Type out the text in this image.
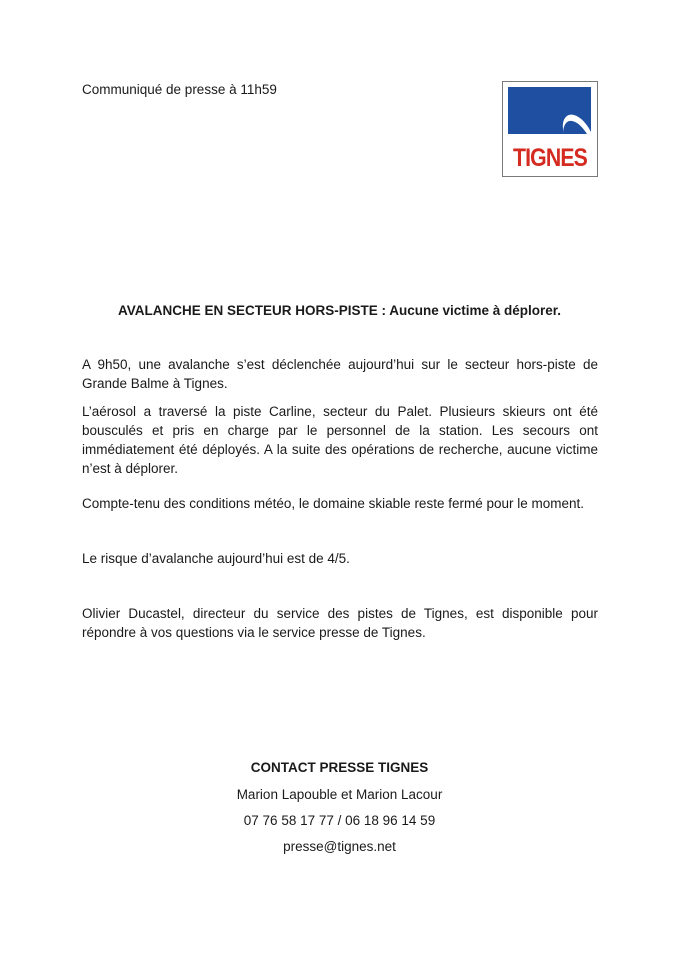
Communiqué de presse à 11h59
TIGNES
AVALANCHE EN SECTEUR HORS-PISTE : Aucune victime à déplorer.
A 9h50, une avalanche s’est déclenchée aujourd’hui sur le secteur hors-piste de Grande Balme à Tignes.
L’aérosol a traversé la piste Carline, secteur du Palet. Plusieurs skieurs ont été bousculés et pris en charge par le personnel de la station. Les secours ont immédiatement été déployés. A la suite des opérations de recherche, aucune victime n’est à déplorer.
Compte-tenu des conditions météo, le domaine skiable reste fermé pour le moment.
Le risque d’avalanche aujourd’hui est de 4/5.
Olivier Ducastel, directeur du service des pistes de Tignes, est disponible pour répondre à vos questions via le service presse de Tignes.
CONTACT PRESSE TIGNES
Marion Lapouble et Marion Lacour
07 76 58 17 77 / 06 18 96 14 59
presse@tignes.net
